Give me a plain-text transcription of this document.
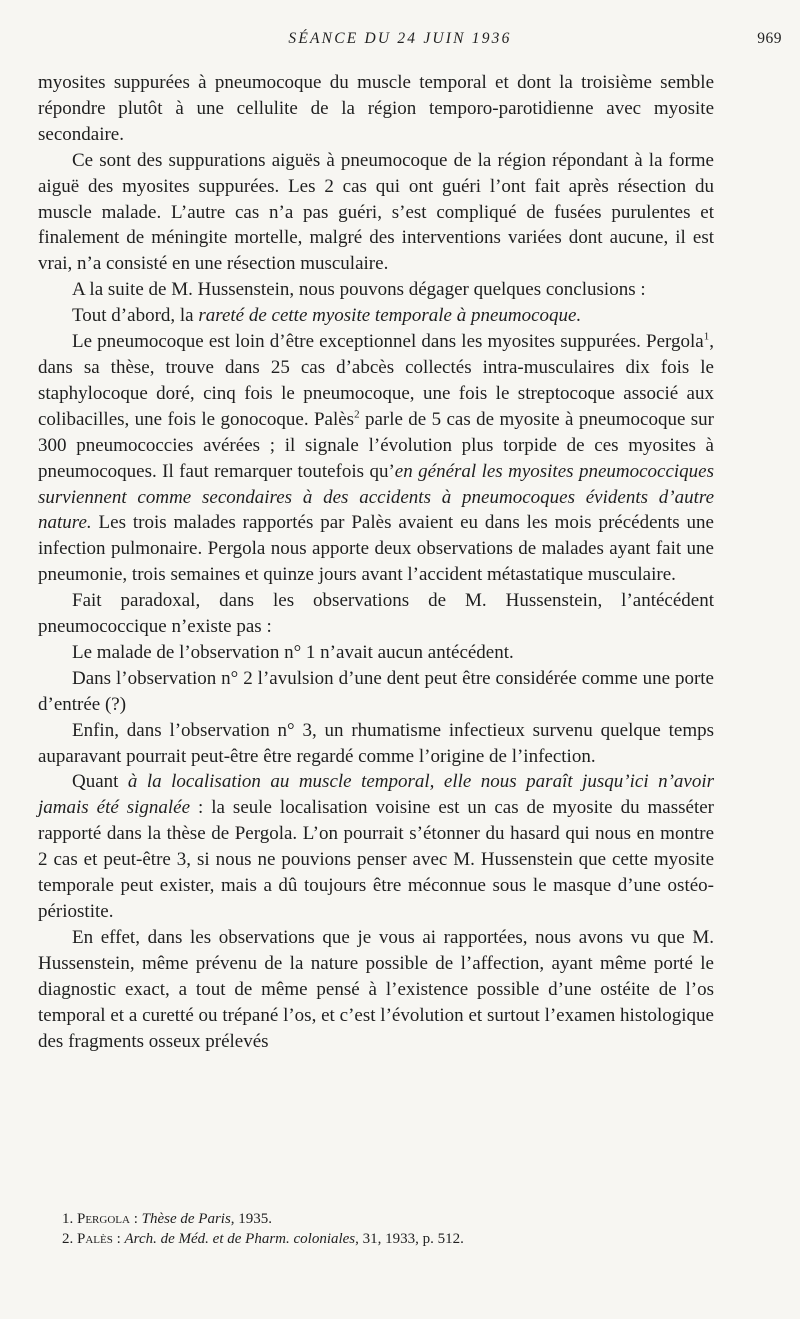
SÉANCE DU 24 JUIN 1936	969

myosites suppurées à pneumocoque du muscle temporal et dont la troisième semble répondre plutôt à une cellulite de la région temporo-parotidienne avec myosite secondaire.

Ce sont des suppurations aiguës à pneumocoque de la région répondant à la forme aiguë des myosites suppurées. Les 2 cas qui ont guéri l’ont fait après résection du muscle malade. L’autre cas n’a pas guéri, s’est compliqué de fusées purulentes et finalement de méningite mortelle, malgré des interventions variées dont aucune, il est vrai, n’a consisté en une résection musculaire.

A la suite de M. Hussenstein, nous pouvons dégager quelques conclusions :

Tout d’abord, la rareté de cette myosite temporale à pneumocoque.

Le pneumocoque est loin d’être exceptionnel dans les myosites suppurées. Pergola$^1$, dans sa thèse, trouve dans 25 cas d’abcès collectés intra-musculaires dix fois le staphylocoque doré, cinq fois le pneumocoque, une fois le streptocoque associé aux colibacilles, une fois le gonocoque. Palès$^2$ parle de 5 cas de myosite à pneumocoque sur 300 pneumococcies avérées ; il signale l’évolution plus torpide de ces myosites à pneumocoques. Il faut remarquer toutefois qu’en général les myosites pneumococciques surviennent comme secondaires à des accidents à pneumocoques évidents d’autre nature. Les trois malades rapportés par Palès avaient eu dans les mois précédents une infection pulmonaire. Pergola nous apporte deux observations de malades ayant fait une pneumonie, trois semaines et quinze jours avant l’accident métastatique musculaire.

Fait paradoxal, dans les observations de M. Hussenstein, l’antécédent pneumococcique n’existe pas :

Le malade de l’observation n° 1 n’avait aucun antécédent.

Dans l’observation n° 2 l’avulsion d’une dent peut être considérée comme une porte d’entrée (?)

Enfin, dans l’observation n° 3, un rhumatisme infectieux survenu quelque temps auparavant pourrait peut-être être regardé comme l’origine de l’infection.

Quant à la localisation au muscle temporal, elle nous paraît jusqu’ici n’avoir jamais été signalée : la seule localisation voisine est un cas de myosite du masséter rapporté dans la thèse de Pergola. L’on pourrait s’étonner du hasard qui nous en montre 2 cas et peut-être 3, si nous ne pouvions penser avec M. Hussenstein que cette myosite temporale peut exister, mais a dû toujours être méconnue sous le masque d’une ostéo-périostite.

En effet, dans les observations que je vous ai rapportées, nous avons vu que M. Hussenstein, même prévenu de la nature possible de l’affection, ayant même porté le diagnostic exact, a tout de même pensé à l’existence possible d’une ostéite de l’os temporal et a curetté ou trépané l’os, et c’est l’évolution et surtout l’examen histologique des fragments osseux prélevés

1. Pergola : Thèse de Paris, 1935.
2. Palès : Arch. de Méd. et de Pharm. coloniales, 31, 1933, p. 512.
